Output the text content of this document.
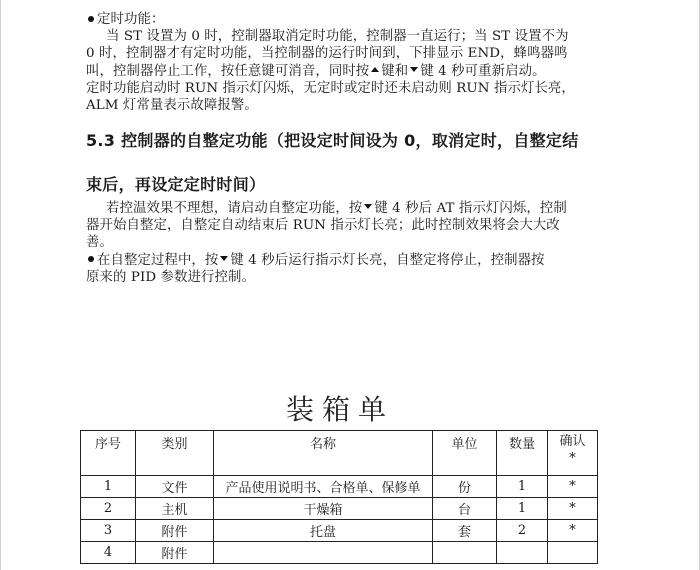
定时功能：
当 ST 设置为 0 时，控制器取消定时功能，控制器一直运行；当 ST 设置不为
0 时，控制器才有定时功能，当控制器的运行时间到，下排显示 END，蜂鸣器鸣
叫，控制器停止工作，按任意键可消音，同时按 键和 键 4 秒可重新启动。
定时功能启动时 RUN 指示灯闪烁，无定时或定时还未启动则 RUN 指示灯长亮，
ALM 灯常量表示故障报警。
5.3 控制器的自整定功能（把设定时间设为 0，取消定时，自整定结
束后，再设定定时时间）
若控温效果不理想，请启动自整定功能，按 键 4 秒后 AT 指示灯闪烁，控制
器开始自整定，自整定自动结束后 RUN 指示灯长亮；此时控制效果将会大大改
善。
在自整定过程中，按 键 4 秒后运行指示灯长亮，自整定将停止，控制器按
原来的 PID 参数进行控制。
装箱单
序号	类别	名称	单位	数量	确认
*

1	文件	产品使用说明书、合格单、保修单	份	1	*
2	主机	干燥箱	台	1	*
3	附件	托盘	套	2	*
4	附件				
